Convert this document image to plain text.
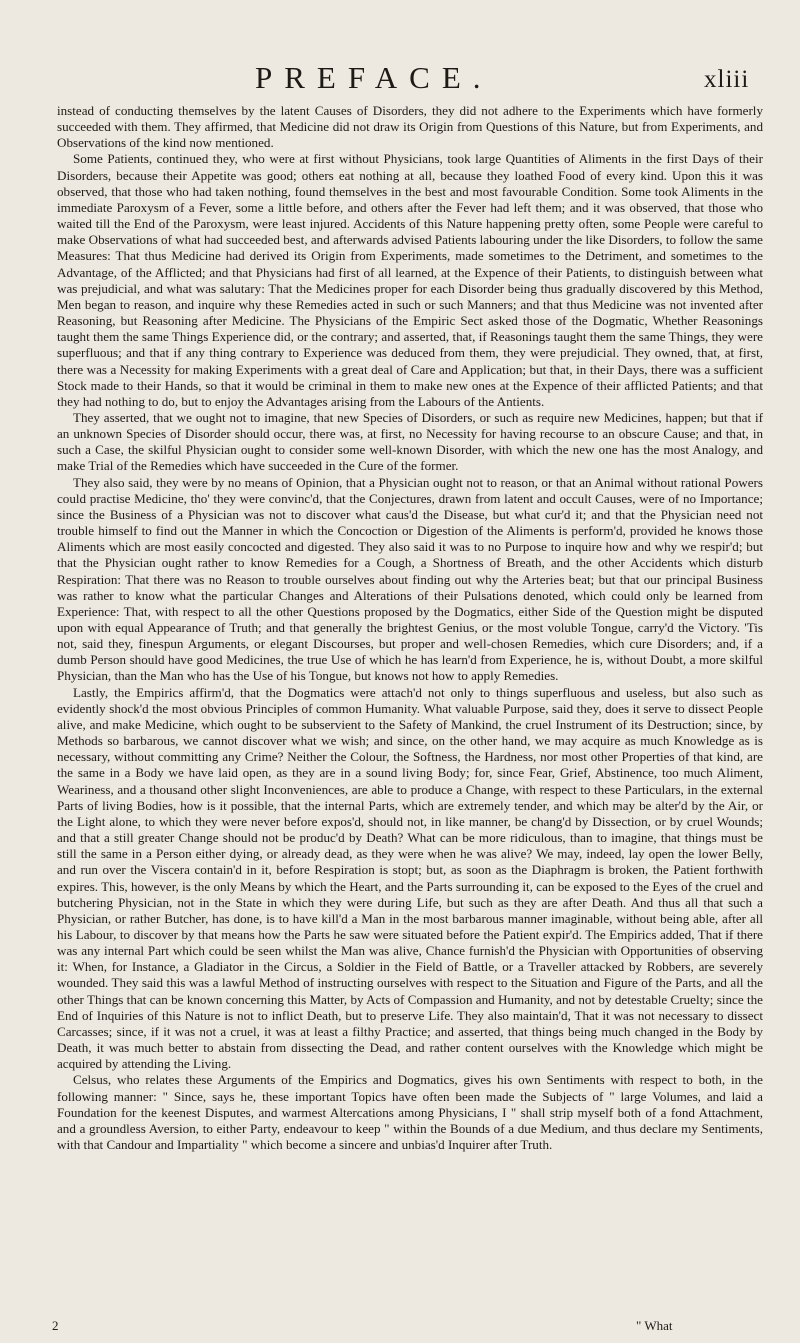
PREFACE.	xliii

instead of conducting themselves by the latent Causes of Disorders, they did not adhere to the Experiments which have formerly succeeded with them. They affirmed, that Medicine did not draw its Origin from Questions of this Nature, but from Experiments, and Observations of the kind now mentioned.

Some Patients, continued they, who were at first without Physicians, took large Quantities of Aliments in the first Days of their Disorders, because their Appetite was good; others eat nothing at all, because they loathed Food of every kind. Upon this it was observed, that those who had taken nothing, found themselves in the best and most favourable Condition. Some took Aliments in the immediate Paroxysm of a Fever, some a little before, and others after the Fever had left them; and it was observed, that those who waited till the End of the Paroxysm, were least injured. Accidents of this Nature happening pretty often, some People were careful to make Observations of what had succeeded best, and afterwards advised Patients labouring under the like Disorders, to follow the same Measures: That thus Medicine had derived its Origin from Experiments, made sometimes to the Detriment, and sometimes to the Advantage, of the Afflicted; and that Physicians had first of all learned, at the Expence of their Patients, to distinguish between what was prejudicial, and what was salutary: That the Medicines proper for each Disorder being thus gradually discovered by this Method, Men began to reason, and inquire why these Remedies acted in such or such Manners; and that thus Medicine was not invented after Reasoning, but Reasoning after Medicine. The Physicians of the Empiric Sect asked those of the Dogmatic, Whether Reasonings taught them the same Things Experience did, or the contrary; and asserted, that, if Reasonings taught them the same Things, they were superfluous; and that if any thing contrary to Experience was deduced from them, they were prejudicial. They owned, that, at first, there was a Necessity for making Experiments with a great deal of Care and Application; but that, in their Days, there was a sufficient Stock made to their Hands, so that it would be criminal in them to make new ones at the Expence of their afflicted Patients; and that they had nothing to do, but to enjoy the Advantages arising from the Labours of the Antients.

They asserted, that we ought not to imagine, that new Species of Disorders, or such as require new Medicines, happen; but that if an unknown Species of Disorder should occur, there was, at first, no Necessity for having recourse to an obscure Cause; and that, in such a Case, the skilful Physician ought to consider some well-known Disorder, with which the new one has the most Analogy, and make Trial of the Remedies which have succeeded in the Cure of the former.

They also said, they were by no means of Opinion, that a Physician ought not to reason, or that an Animal without rational Powers could practise Medicine, tho' they were convinc'd, that the Conjectures, drawn from latent and occult Causes, were of no Importance; since the Business of a Physician was not to discover what caus'd the Disease, but what cur'd it; and that the Physician need not trouble himself to find out the Manner in which the Concoction or Digestion of the Aliments is perform'd, provided he knows those Aliments which are most easily concocted and digested. They also said it was to no Purpose to inquire how and why we respir'd; but that the Physician ought rather to know Remedies for a Cough, a Shortness of Breath, and the other Accidents which disturb Respiration: That there was no Reason to trouble ourselves about finding out why the Arteries beat; but that our principal Business was rather to know what the particular Changes and Alterations of their Pulsations denoted, which could only be learned from Experience: That, with respect to all the other Questions proposed by the Dogmatics, either Side of the Question might be disputed upon with equal Appearance of Truth; and that generally the brightest Genius, or the most voluble Tongue, carry'd the Victory. 'Tis not, said they, finespun Arguments, or elegant Discourses, but proper and well-chosen Remedies, which cure Disorders; and, if a dumb Person should have good Medicines, the true Use of which he has learn'd from Experience, he is, without Doubt, a more skilful Physician, than the Man who has the Use of his Tongue, but knows not how to apply Remedies.

Lastly, the Empirics affirm'd, that the Dogmatics were attach'd not only to things superfluous and useless, but also such as evidently shock'd the most obvious Principles of common Humanity. What valuable Purpose, said they, does it serve to dissect People alive, and make Medicine, which ought to be subservient to the Safety of Mankind, the cruel Instrument of its Destruction; since, by Methods so barbarous, we cannot discover what we wish; and since, on the other hand, we may acquire as much Knowledge as is necessary, without committing any Crime? Neither the Colour, the Softness, the Hardness, nor most other Properties of that kind, are the same in a Body we have laid open, as they are in a sound living Body; for, since Fear, Grief, Abstinence, too much Aliment, Weariness, and a thousand other slight Inconveniences, are able to produce a Change, with respect to these Particulars, in the external Parts of living Bodies, how is it possible, that the internal Parts, which are extremely tender, and which may be alter'd by the Air, or the Light alone, to which they were never before expos'd, should not, in like manner, be chang'd by Dissection, or by cruel Wounds; and that a still greater Change should not be produc'd by Death? What can be more ridiculous, than to imagine, that things must be still the same in a Person either dying, or already dead, as they were when he was alive? We may, indeed, lay open the lower Belly, and run over the Viscera contain'd in it, before Respiration is stopt; but, as soon as the Diaphragm is broken, the Patient forthwith expires. This, however, is the only Means by which the Heart, and the Parts surrounding it, can be exposed to the Eyes of the cruel and butchering Physician, not in the State in which they were during Life, but such as they are after Death. And thus all that such a Physician, or rather Butcher, has done, is to have kill'd a Man in the most barbarous manner imaginable, without being able, after all his Labour, to discover by that means how the Parts he saw were situated before the Patient expir'd. The Empirics added, That if there was any internal Part which could be seen whilst the Man was alive, Chance furnish'd the Physician with Opportunities of observing it: When, for Instance, a Gladiator in the Circus, a Soldier in the Field of Battle, or a Traveller attacked by Robbers, are severely wounded. They said this was a lawful Method of instructing ourselves with respect to the Situation and Figure of the Parts, and all the other Things that can be known concerning this Matter, by Acts of Compassion and Humanity, and not by detestable Cruelty; since the End of Inquiries of this Nature is not to inflict Death, but to preserve Life. They also maintain'd, That it was not necessary to dissect Carcasses; since, if it was not a cruel, it was at least a filthy Practice; and asserted, that things being much changed in the Body by Death, it was much better to abstain from dissecting the Dead, and rather content ourselves with the Knowledge which might be acquired by attending the Living.

Celsus, who relates these Arguments of the Empirics and Dogmatics, gives his own Sentiments with respect to both, in the following manner: " Since, says he, these important Topics have often been made the Subjects of " large Volumes, and laid a Foundation for the keenest Disputes, and warmest Altercations among Physicians, I " shall strip myself both of a fond Attachment, and a groundless Aversion, to either Party, endeavour to keep " within the Bounds of a due Medium, and thus declare my Sentiments, with that Candour and Impartiality " which become a sincere and unbias'd Inquirer after Truth.

2	" What
